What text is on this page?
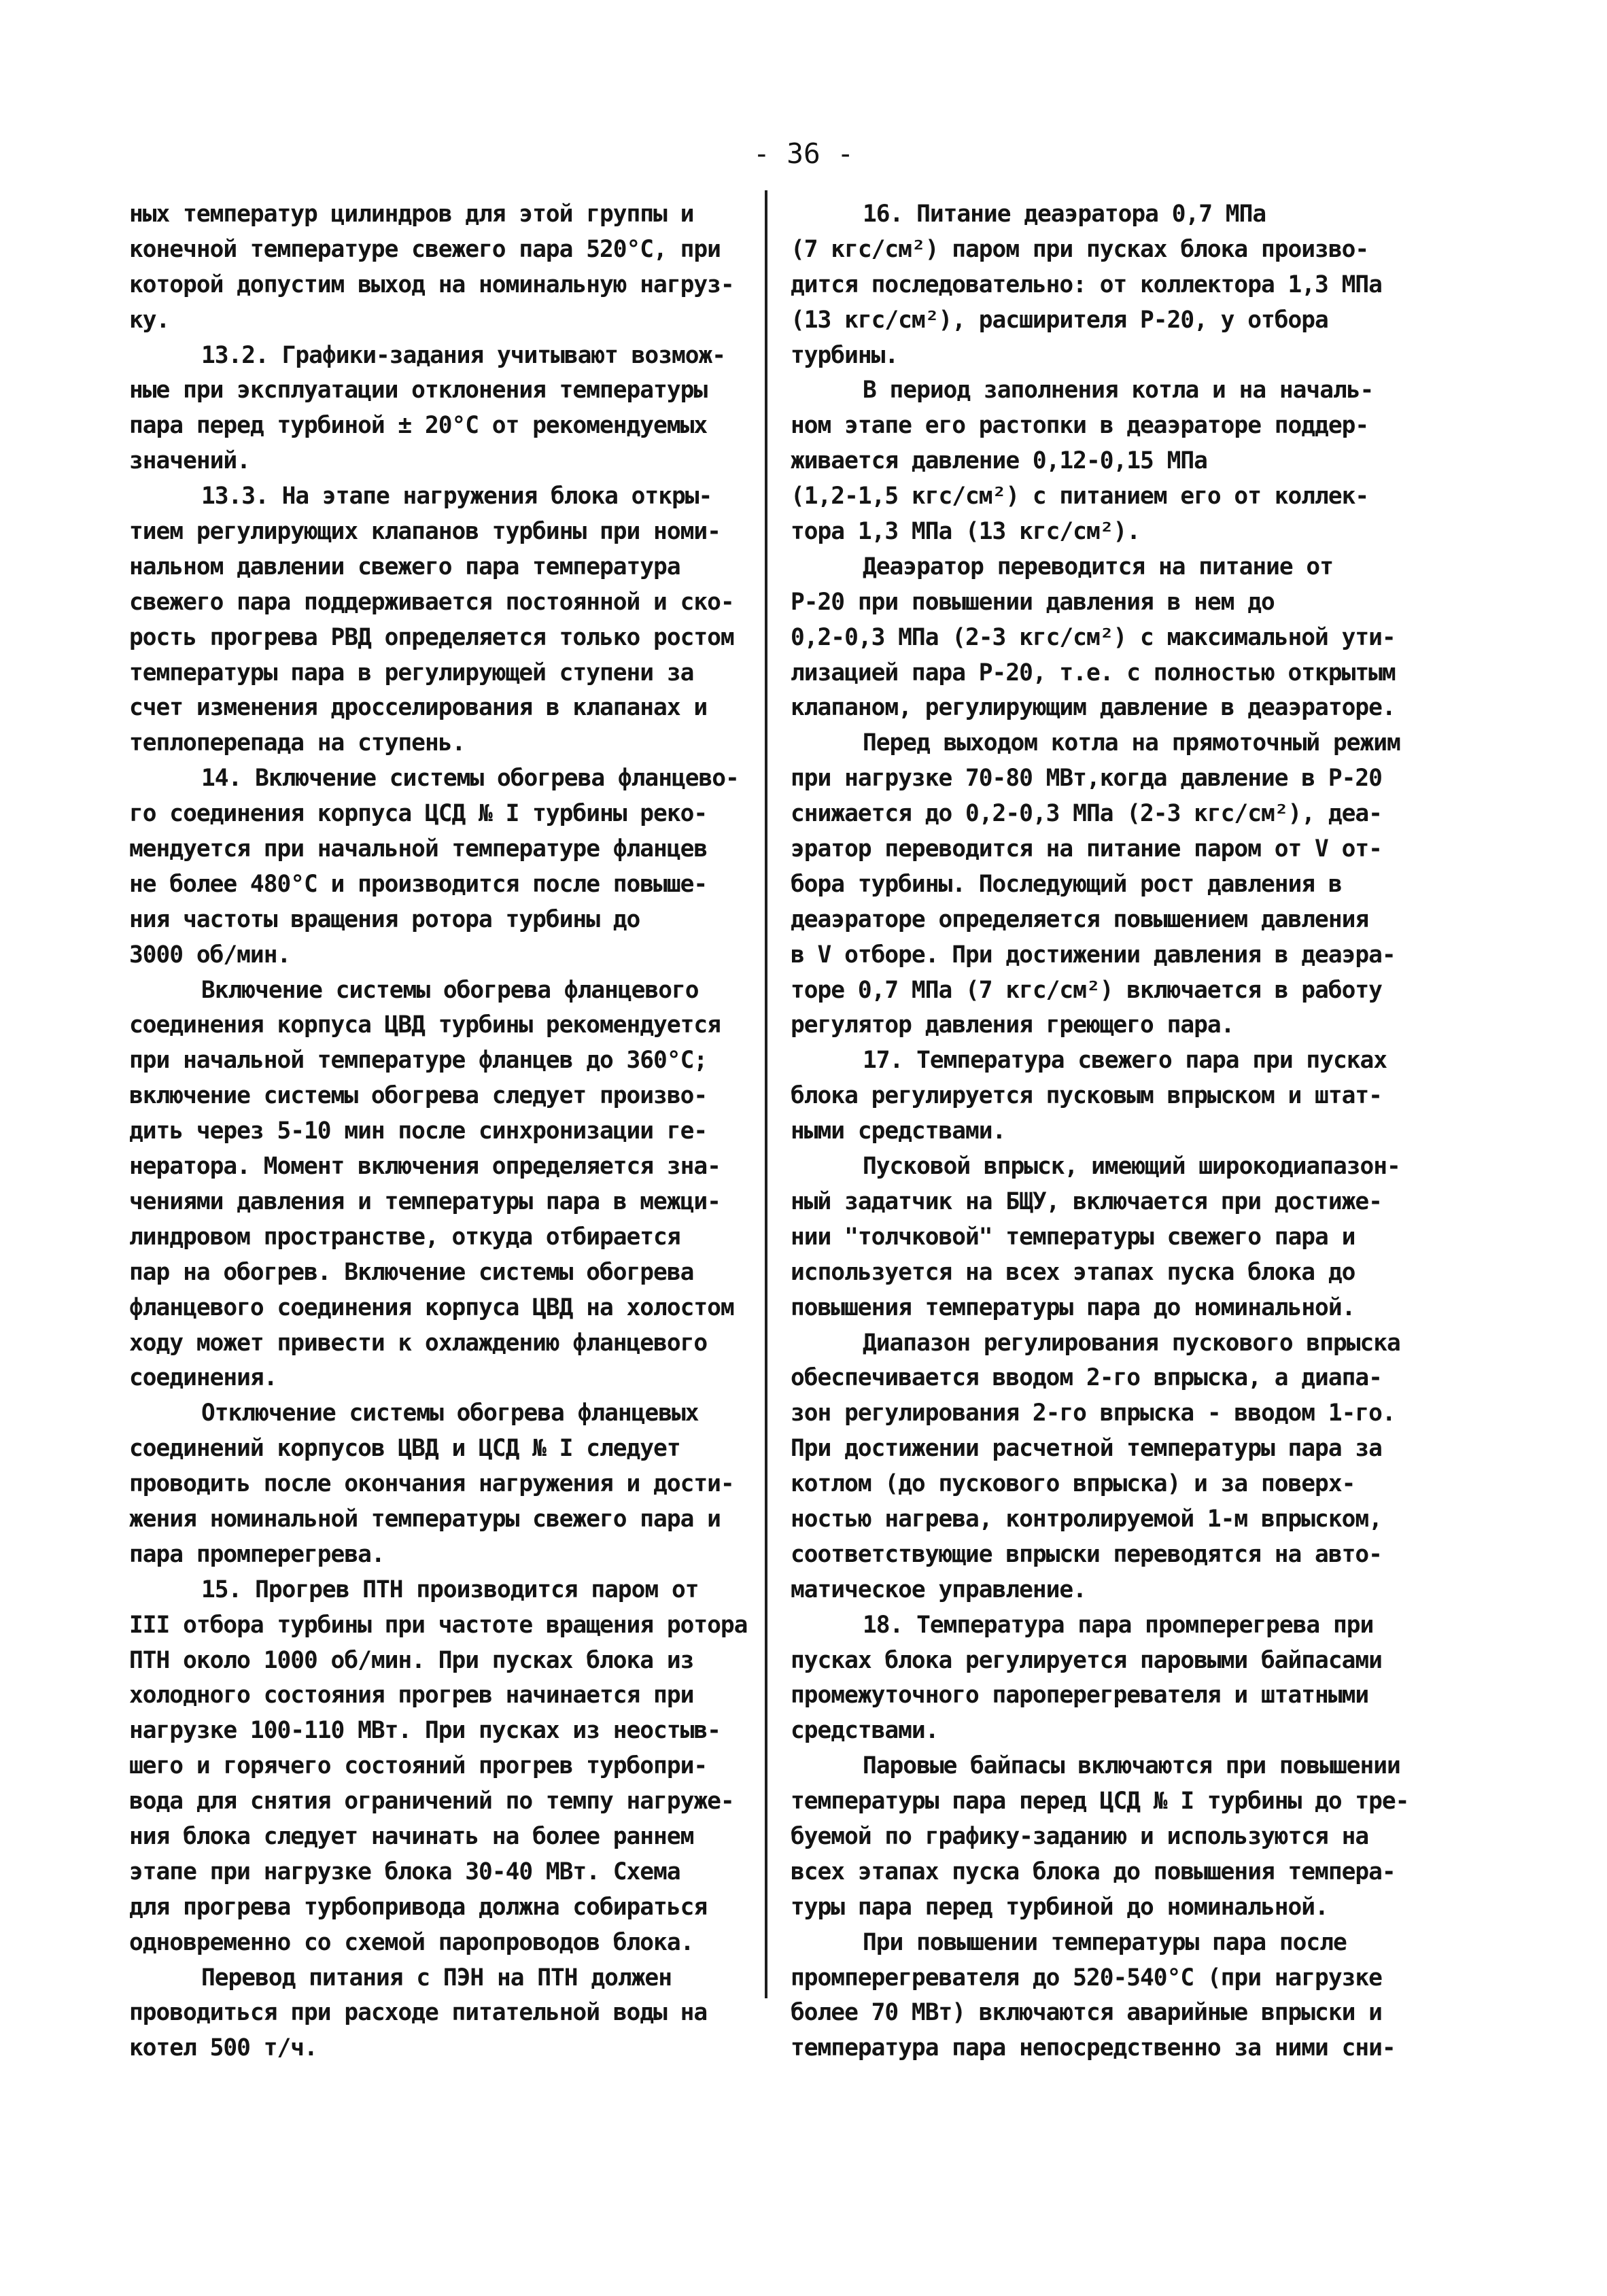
- 36 -
ных температур цилиндров для этой группы и
конечной температуре свежего пара 520°С, при
которой допустим выход на номинальную нагруз-
ку.
13.2. Графики-задания учитывают возмож-
ные при эксплуатации отклонения температуры
пара перед турбиной ± 20°С от рекомендуемых
значений.
13.3. На этапе нагружения блока откры-
тием регулирующих клапанов турбины при номи-
нальном давлении свежего пара температура
свежего пара поддерживается постоянной и ско-
рость прогрева РВД определяется только ростом
температуры пара в регулирующей ступени за
счет изменения дросселирования в клапанах и
теплоперепада на ступень.
14. Включение системы обогрева фланцево-
го соединения корпуса ЦСД № I турбины реко-
мендуется при начальной температуре фланцев
не более 480°С и производится после повыше-
ния частоты вращения ротора турбины до
3000 об/мин.
Включение системы обогрева фланцевого
соединения корпуса ЦВД турбины рекомендуется
при начальной температуре фланцев до 360°С;
включение системы обогрева следует произво-
дить через 5-10 мин после синхронизации ге-
нератора. Момент включения определяется зна-
чениями давления и температуры пара в межци-
линдровом пространстве, откуда отбирается
пар на обогрев. Включение системы обогрева
фланцевого соединения корпуса ЦВД на холостом
ходу может привести к охлаждению фланцевого
соединения.
Отключение системы обогрева фланцевых
соединений корпусов ЦВД и ЦСД № I следует
проводить после окончания нагружения и дости-
жения номинальной температуры свежего пара и
пара промперегрева.
15. Прогрев ПТН производится паром от
III отбора турбины при частоте вращения ротора
ПТН около 1000 об/мин. При пусках блока из
холодного состояния прогрев начинается при
нагрузке 100-110 МВт. При пусках из неостыв-
шего и горячего состояний прогрев турбопри-
вода для снятия ограничений по темпу нагруже-
ния блока следует начинать на более раннем
этапе при нагрузке блока 30-40 МВт. Схема
для прогрева турбопривода должна собираться
одновременно со схемой паропроводов блока.
Перевод питания с ПЭН на ПТН должен
проводиться при расходе питательной воды на
котел 500 т/ч.
16. Питание деаэратора 0,7 МПа
(7 кгс/см²) паром при пусках блока произво-
дится последовательно: от коллектора 1,3 МПа
(13 кгс/см²), расширителя Р-20, у отбора
турбины.
В период заполнения котла и на началь-
ном этапе его растопки в деаэраторе поддер-
живается давление 0,12-0,15 МПа
(1,2-1,5 кгс/см²) с питанием его от коллек-
тора 1,3 МПа (13 кгс/см²).
Деаэратор переводится на питание от
Р-20 при повышении давления в нем до
0,2-0,3 МПа (2-3 кгс/см²) с максимальной ути-
лизацией пара Р-20, т.е. с полностью открытым
клапаном, регулирующим давление в деаэраторе.
Перед выходом котла на прямоточный режим
при нагрузке 70-80 МВт,когда давление в Р-20
снижается до 0,2-0,3 МПа (2-3 кгс/см²), деа-
эратор переводится на питание паром от V от-
бора турбины. Последующий рост давления в
деаэраторе определяется повышением давления
в V отборе. При достижении давления в деаэра-
торе 0,7 МПа (7 кгс/см²) включается в работу
регулятор давления греющего пара.
17. Температура свежего пара при пусках
блока регулируется пусковым впрыском и штат-
ными средствами.
Пусковой впрыск, имеющий широкодиапазон-
ный задатчик на БЩУ, включается при достиже-
нии "толчковой" температуры свежего пара и
используется на всех этапах пуска блока до
повышения температуры пара до номинальной.
Диапазон регулирования пускового впрыска
обеспечивается вводом 2-го впрыска, а диапа-
зон регулирования 2-го впрыска - вводом 1-го.
При достижении расчетной температуры пара за
котлом (до пускового впрыска) и за поверх-
ностью нагрева, контролируемой 1-м впрыском,
соответствующие впрыски переводятся на авто-
матическое управление.
18. Температура пара промперегрева при
пусках блока регулируется паровыми байпасами
промежуточного пароперегревателя и штатными
средствами.
Паровые байпасы включаются при повышении
температуры пара перед ЦСД № I турбины до тре-
буемой по графику-заданию и используются на
всех этапах пуска блока до повышения темпера-
туры пара перед турбиной до номинальной.
При повышении температуры пара после
промперегревателя до 520-540°С (при нагрузке
более 70 МВт) включаются аварийные впрыски и
температура пара непосредственно за ними сни-
